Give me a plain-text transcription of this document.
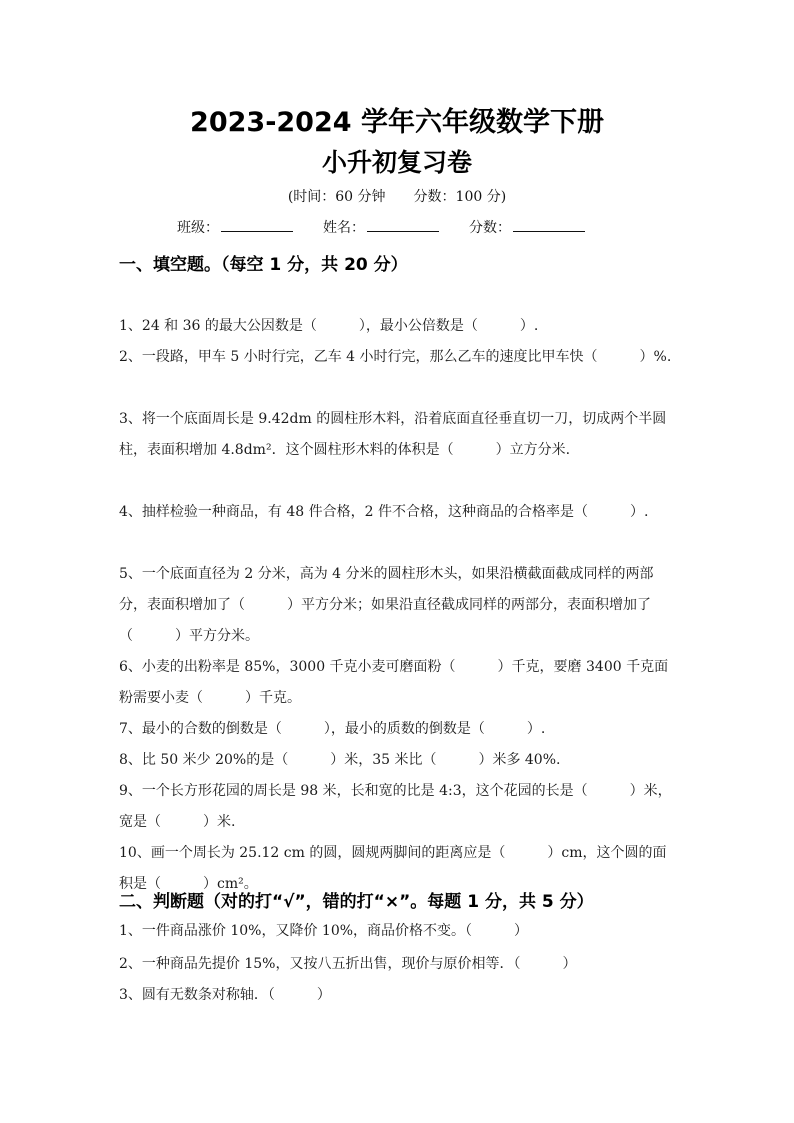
2023-2024 学年六年级数学下册
小升初复习卷
(时间：60 分钟　　分数：100 分)
班级：	姓名：	分数：
一、填空题。（每空 1 分，共 20 分）
1、24 和 36 的最大公因数是（　　　），最小公倍数是（　　　）.
2、一段路，甲车 5 小时行完，乙车 4 小时行完，那么乙车的速度比甲车快（　　　）%.
3、将一个底面周长是 9.42dm 的圆柱形木料，沿着底面直径垂直切一刀，切成两个半圆柱，表面积增加 4.8dm²．这个圆柱形木料的体积是（　　　）立方分米.
4、抽样检验一种商品，有 48 件合格，2 件不合格，这种商品的合格率是（　　　）.
5、一个底面直径为 2 分米，高为 4 分米的圆柱形木头，如果沿横截面截成同样的两部分，表面积增加了（　　　）平方分米；如果沿直径截成同样的两部分，表面积增加了（　　　）平方分米。
6、小麦的出粉率是 85%，3000 千克小麦可磨面粉（　　　）千克，要磨 3400 千克面粉需要小麦（　　　）千克。
7、最小的合数的倒数是（　　　），最小的质数的倒数是（　　　）.
8、比 50 米少 20%的是（　　　）米，35 米比（　　　）米多 40%.
9、一个长方形花园的周长是 98 米，长和宽的比是 4:3，这个花园的长是（　　　）米，宽是（　　　）米.
10、画一个周长为 25.12 cm 的圆，圆规两脚间的距离应是（　　　）cm，这个圆的面积是（　　　）cm²。
二、判断题（对的打“√”，错的打“×”。每题 1 分，共 5 分）
1、一件商品涨价 10%，又降价 10%，商品价格不变。（　　　）
2、一种商品先提价 15%，又按八五折出售，现价与原价相等．（　　　）
3、圆有无数条对称轴．（　　　）
